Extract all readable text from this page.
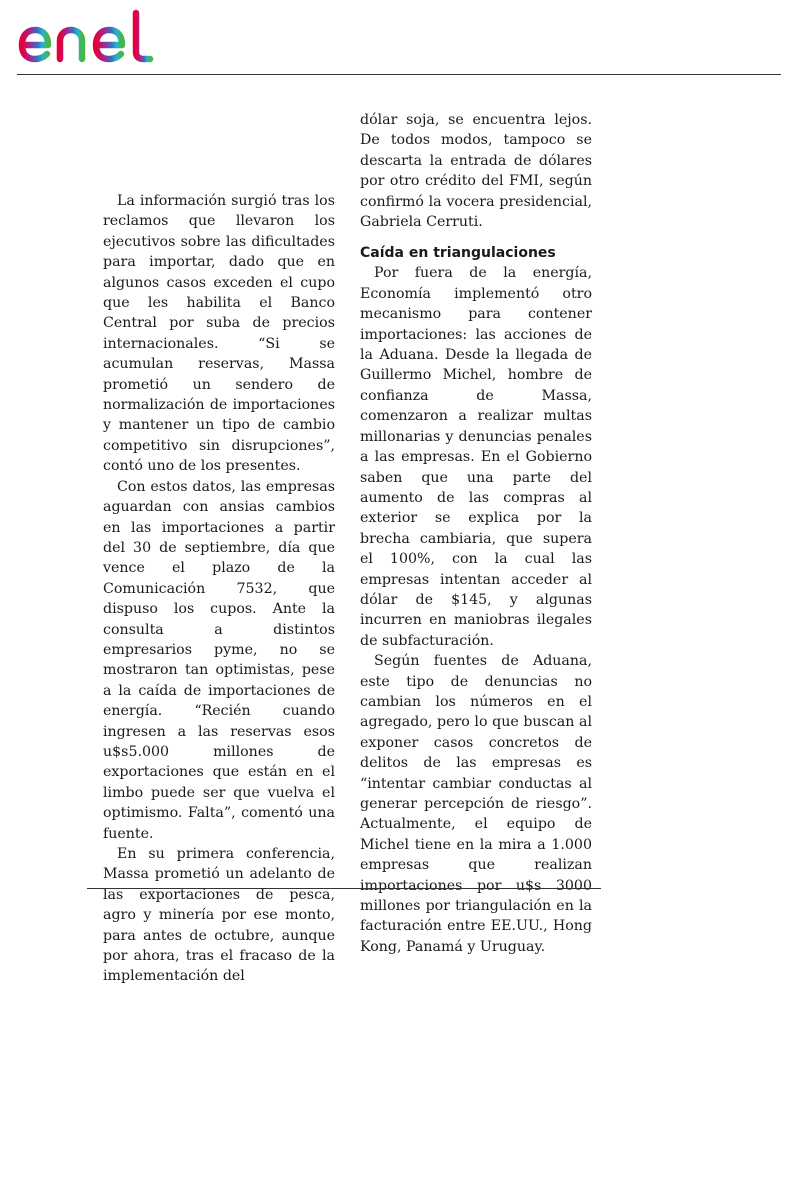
enel

La información surgió tras los reclamos que llevaron los ejecutivos sobre las dificultades para importar, dado que en algunos casos exceden el cupo que les habilita el Banco Central por suba de precios internacionales. “Si se acumulan reservas, Massa prometió un sendero de normalización de importaciones y mantener un tipo de cambio competitivo sin disrupciones”, contó uno de los presentes.

Con estos datos, las empresas aguardan con ansias cambios en las importaciones a partir del 30 de septiembre, día que vence el plazo de la Comunicación 7532, que dispuso los cupos. Ante la consulta a distintos empresarios pyme, no se mostraron tan optimistas, pese a la caída de importaciones de energía. “Recién cuando ingresen a las reservas esos u$s5.000 millones de exportaciones que están en el limbo puede ser que vuelva el optimismo. Falta”, comentó una fuente.

En su primera conferencia, Massa prometió un adelanto de las exportaciones de pesca, agro y minería por ese monto, para antes de octubre, aunque por ahora, tras el fracaso de la implementación del

dólar soja, se encuentra lejos. De todos modos, tampoco se descarta la entrada de dólares por otro crédito del FMI, según confirmó la vocera presidencial, Gabriela Cerruti.

Caída en triangulaciones

Por fuera de la energía, Economía implementó otro mecanismo para contener importaciones: las acciones de la Aduana. Desde la llegada de Guillermo Michel, hombre de confianza de Massa, comenzaron a realizar multas millonarias y denuncias penales a las empresas. En el Gobierno saben que una parte del aumento de las compras al exterior se explica por la brecha cambiaria, que supera el 100%, con la cual las empresas intentan acceder al dólar de $145, y algunas incurren en maniobras ilegales de subfacturación.

Según fuentes de Aduana, este tipo de denuncias no cambian los números en el agregado, pero lo que buscan al exponer casos concretos de delitos de las empresas es “intentar cambiar conductas al generar percepción de riesgo”. Actualmente, el equipo de Michel tiene en la mira a 1.000 empresas que realizan importaciones por u$s 3000 millones por triangulación en la facturación entre EE.UU., Hong Kong, Panamá y Uruguay.
